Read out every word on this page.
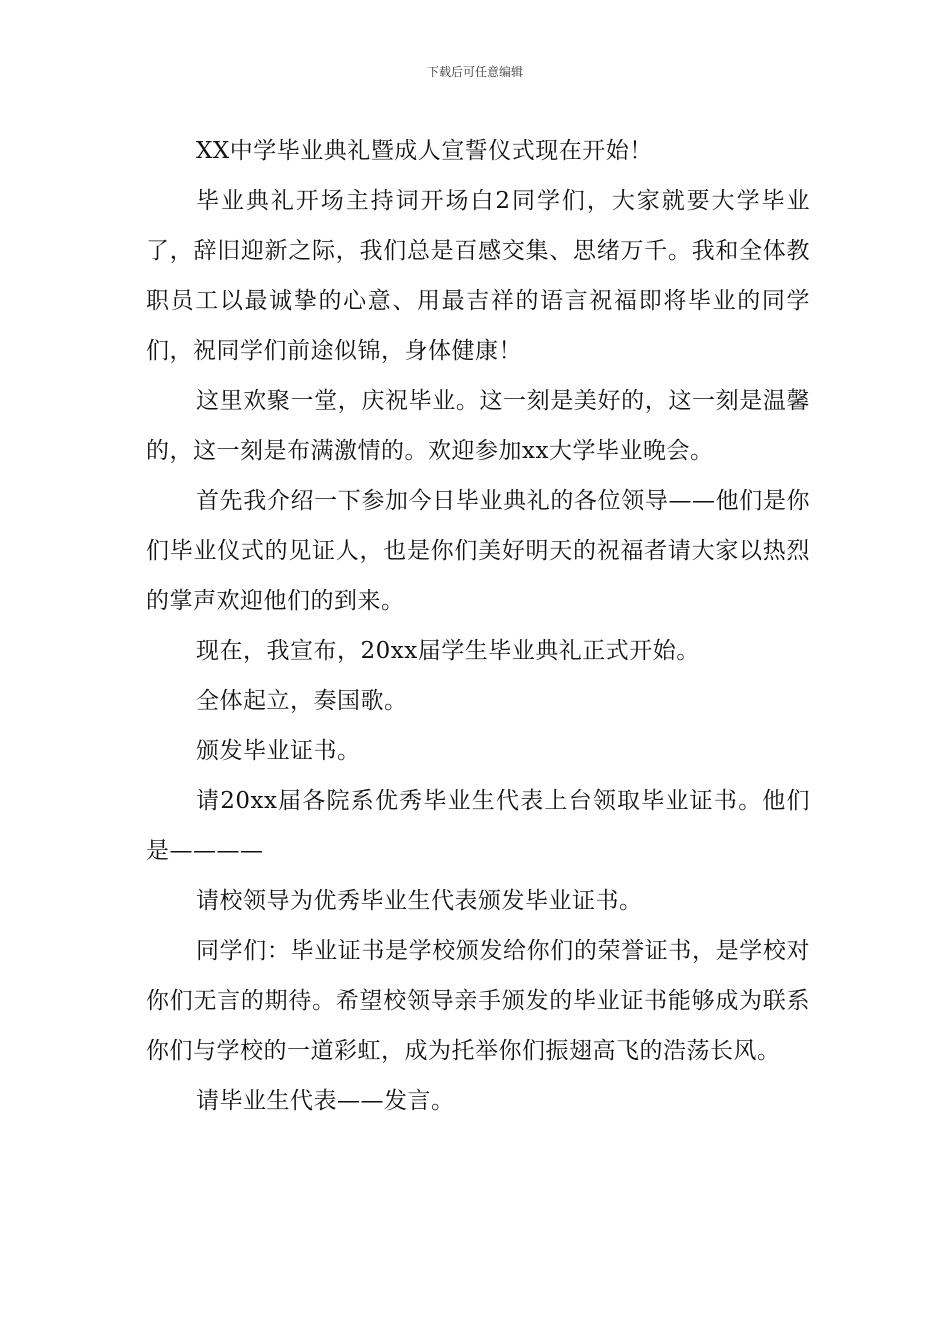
下载后可任意编辑

XX中学毕业典礼暨成人宣誓仪式现在开始！

毕业典礼开场主持词开场白2同学们，大家就要大学毕业了，辞旧迎新之际，我们总是百感交集、思绪万千。我和全体教职员工以最诚挚的心意、用最吉祥的语言祝福即将毕业的同学们，祝同学们前途似锦，身体健康！

这里欢聚一堂，庆祝毕业。这一刻是美好的，这一刻是温馨的，这一刻是布满激情的。欢迎参加xx大学毕业晚会。

首先我介绍一下参加今日毕业典礼的各位领导——他们是你们毕业仪式的见证人，也是你们美好明天的祝福者请大家以热烈的掌声欢迎他们的到来。

现在，我宣布，20xx届学生毕业典礼正式开始。

全体起立，奏国歌。

颁发毕业证书。

请20xx届各院系优秀毕业生代表上台领取毕业证书。他们是————

请校领导为优秀毕业生代表颁发毕业证书。

同学们：毕业证书是学校颁发给你们的荣誉证书，是学校对你们无言的期待。希望校领导亲手颁发的毕业证书能够成为联系你们与学校的一道彩虹，成为托举你们振翅高飞的浩荡长风。

请毕业生代表——发言。
